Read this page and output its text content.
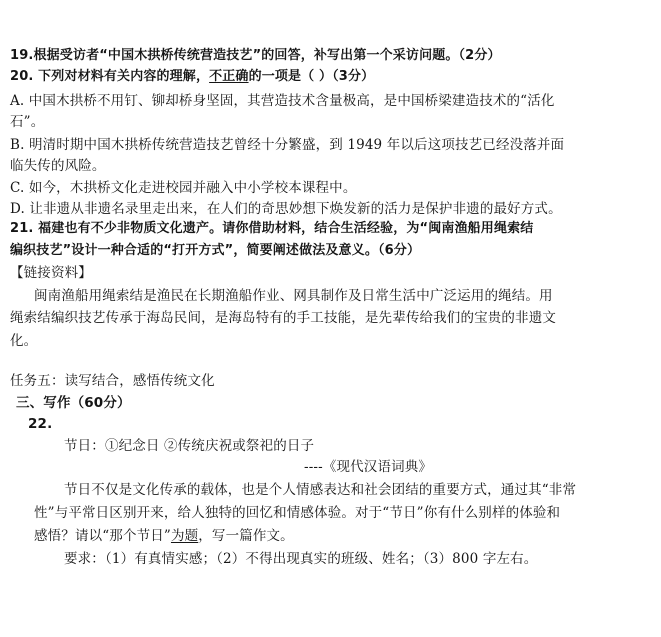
19.根据受访者“中国木拱桥传统营造技艺”的回答，补写出第一个采访问题。（2分）
20. 下列对材料有关内容的理解，不正确的一项是（ ）（3分）
A. 中国木拱桥不用钉、铆却桥身坚固，其营造技术含量极高，是中国桥梁建造技术的“活化
石”。
B. 明清时期中国木拱桥传统营造技艺曾经十分繁盛，到 1949 年以后这项技艺已经没落并面
临失传的风险。
C. 如今，木拱桥文化走进校园并融入中小学校本课程中。
D. 让非遗从非遗名录里走出来，在人们的奇思妙想下焕发新的活力是保护非遗的最好方式。
21. 福建也有不少非物质文化遗产。请你借助材料，结合生活经验，为“闽南渔船用绳索结
编织技艺”设计一种合适的“打开方式”，简要阐述做法及意义。（6分）
【链接资料】
闽南渔船用绳索结是渔民在长期渔船作业、网具制作及日常生活中广泛运用的绳结。用
绳索结编织技艺传承于海岛民间，是海岛特有的手工技能，是先辈传给我们的宝贵的非遗文
化。
任务五：读写结合，感悟传统文化
三、写作（60分）
22.
节日：①纪念日 ②传统庆祝或祭祀的日子
----《现代汉语词典》
节日不仅是文化传承的载体，也是个人情感表达和社会团结的重要方式，通过其“非常
性”与平常日区别开来，给人独特的回忆和情感体验。对于“节日”你有什么别样的体验和
感悟？请以“那个节日”为题，写一篇作文。
要求：（1）有真情实感；（2）不得出现真实的班级、姓名；（3）800 字左右。
